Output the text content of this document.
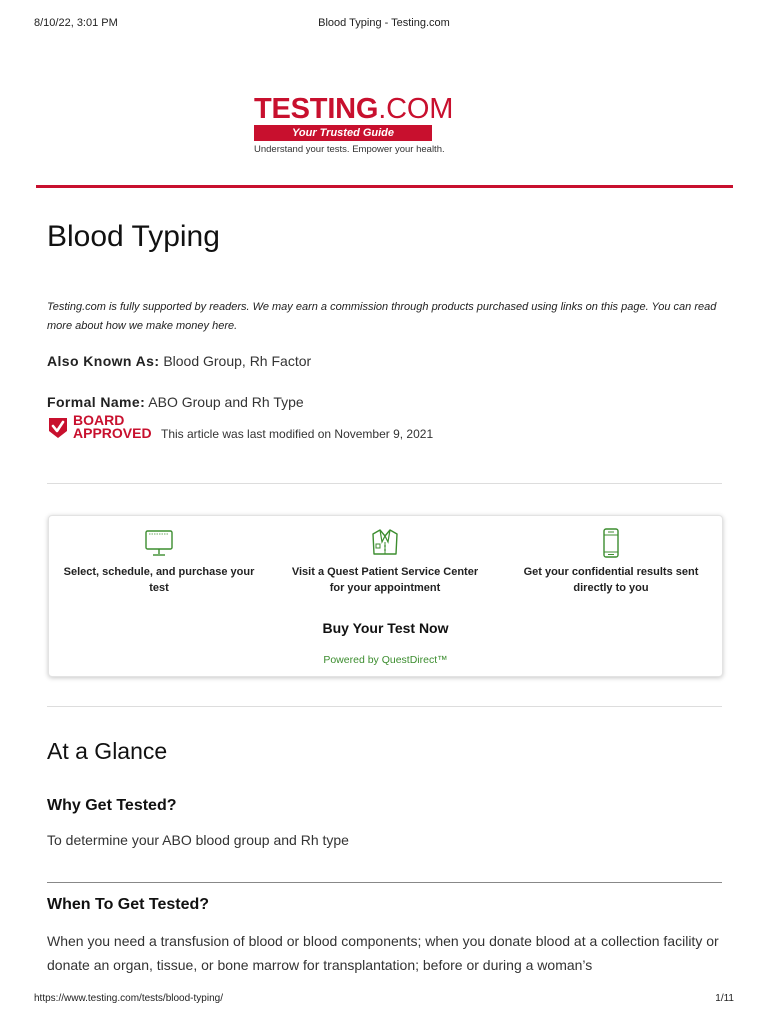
8/10/22, 3:01 PM	Blood Typing - Testing.com
TESTING.COM
Your Trusted Guide
Understand your tests. Empower your health.
Blood Typing
Testing.com is fully supported by readers. We may earn a commission through products purchased using links on this page. You can read more about how we make money here.
Also Known As: Blood Group, Rh Factor
Formal Name: ABO Group and Rh Type
BOARD
APPROVED This article was last modified on November 9, 2021
Select, schedule, and purchase your test
Visit a Quest Patient Service Center for your appointment
Get your confidential results sent directly to you
Buy Your Test Now
Powered by QuestDirect™
At a Glance
Why Get Tested?
To determine your ABO blood group and Rh type
When To Get Tested?
When you need a transfusion of blood or blood components; when you donate blood at a collection facility or donate an organ, tissue, or bone marrow for transplantation; before or during a woman’s
https://www.testing.com/tests/blood-typing/	1/11
